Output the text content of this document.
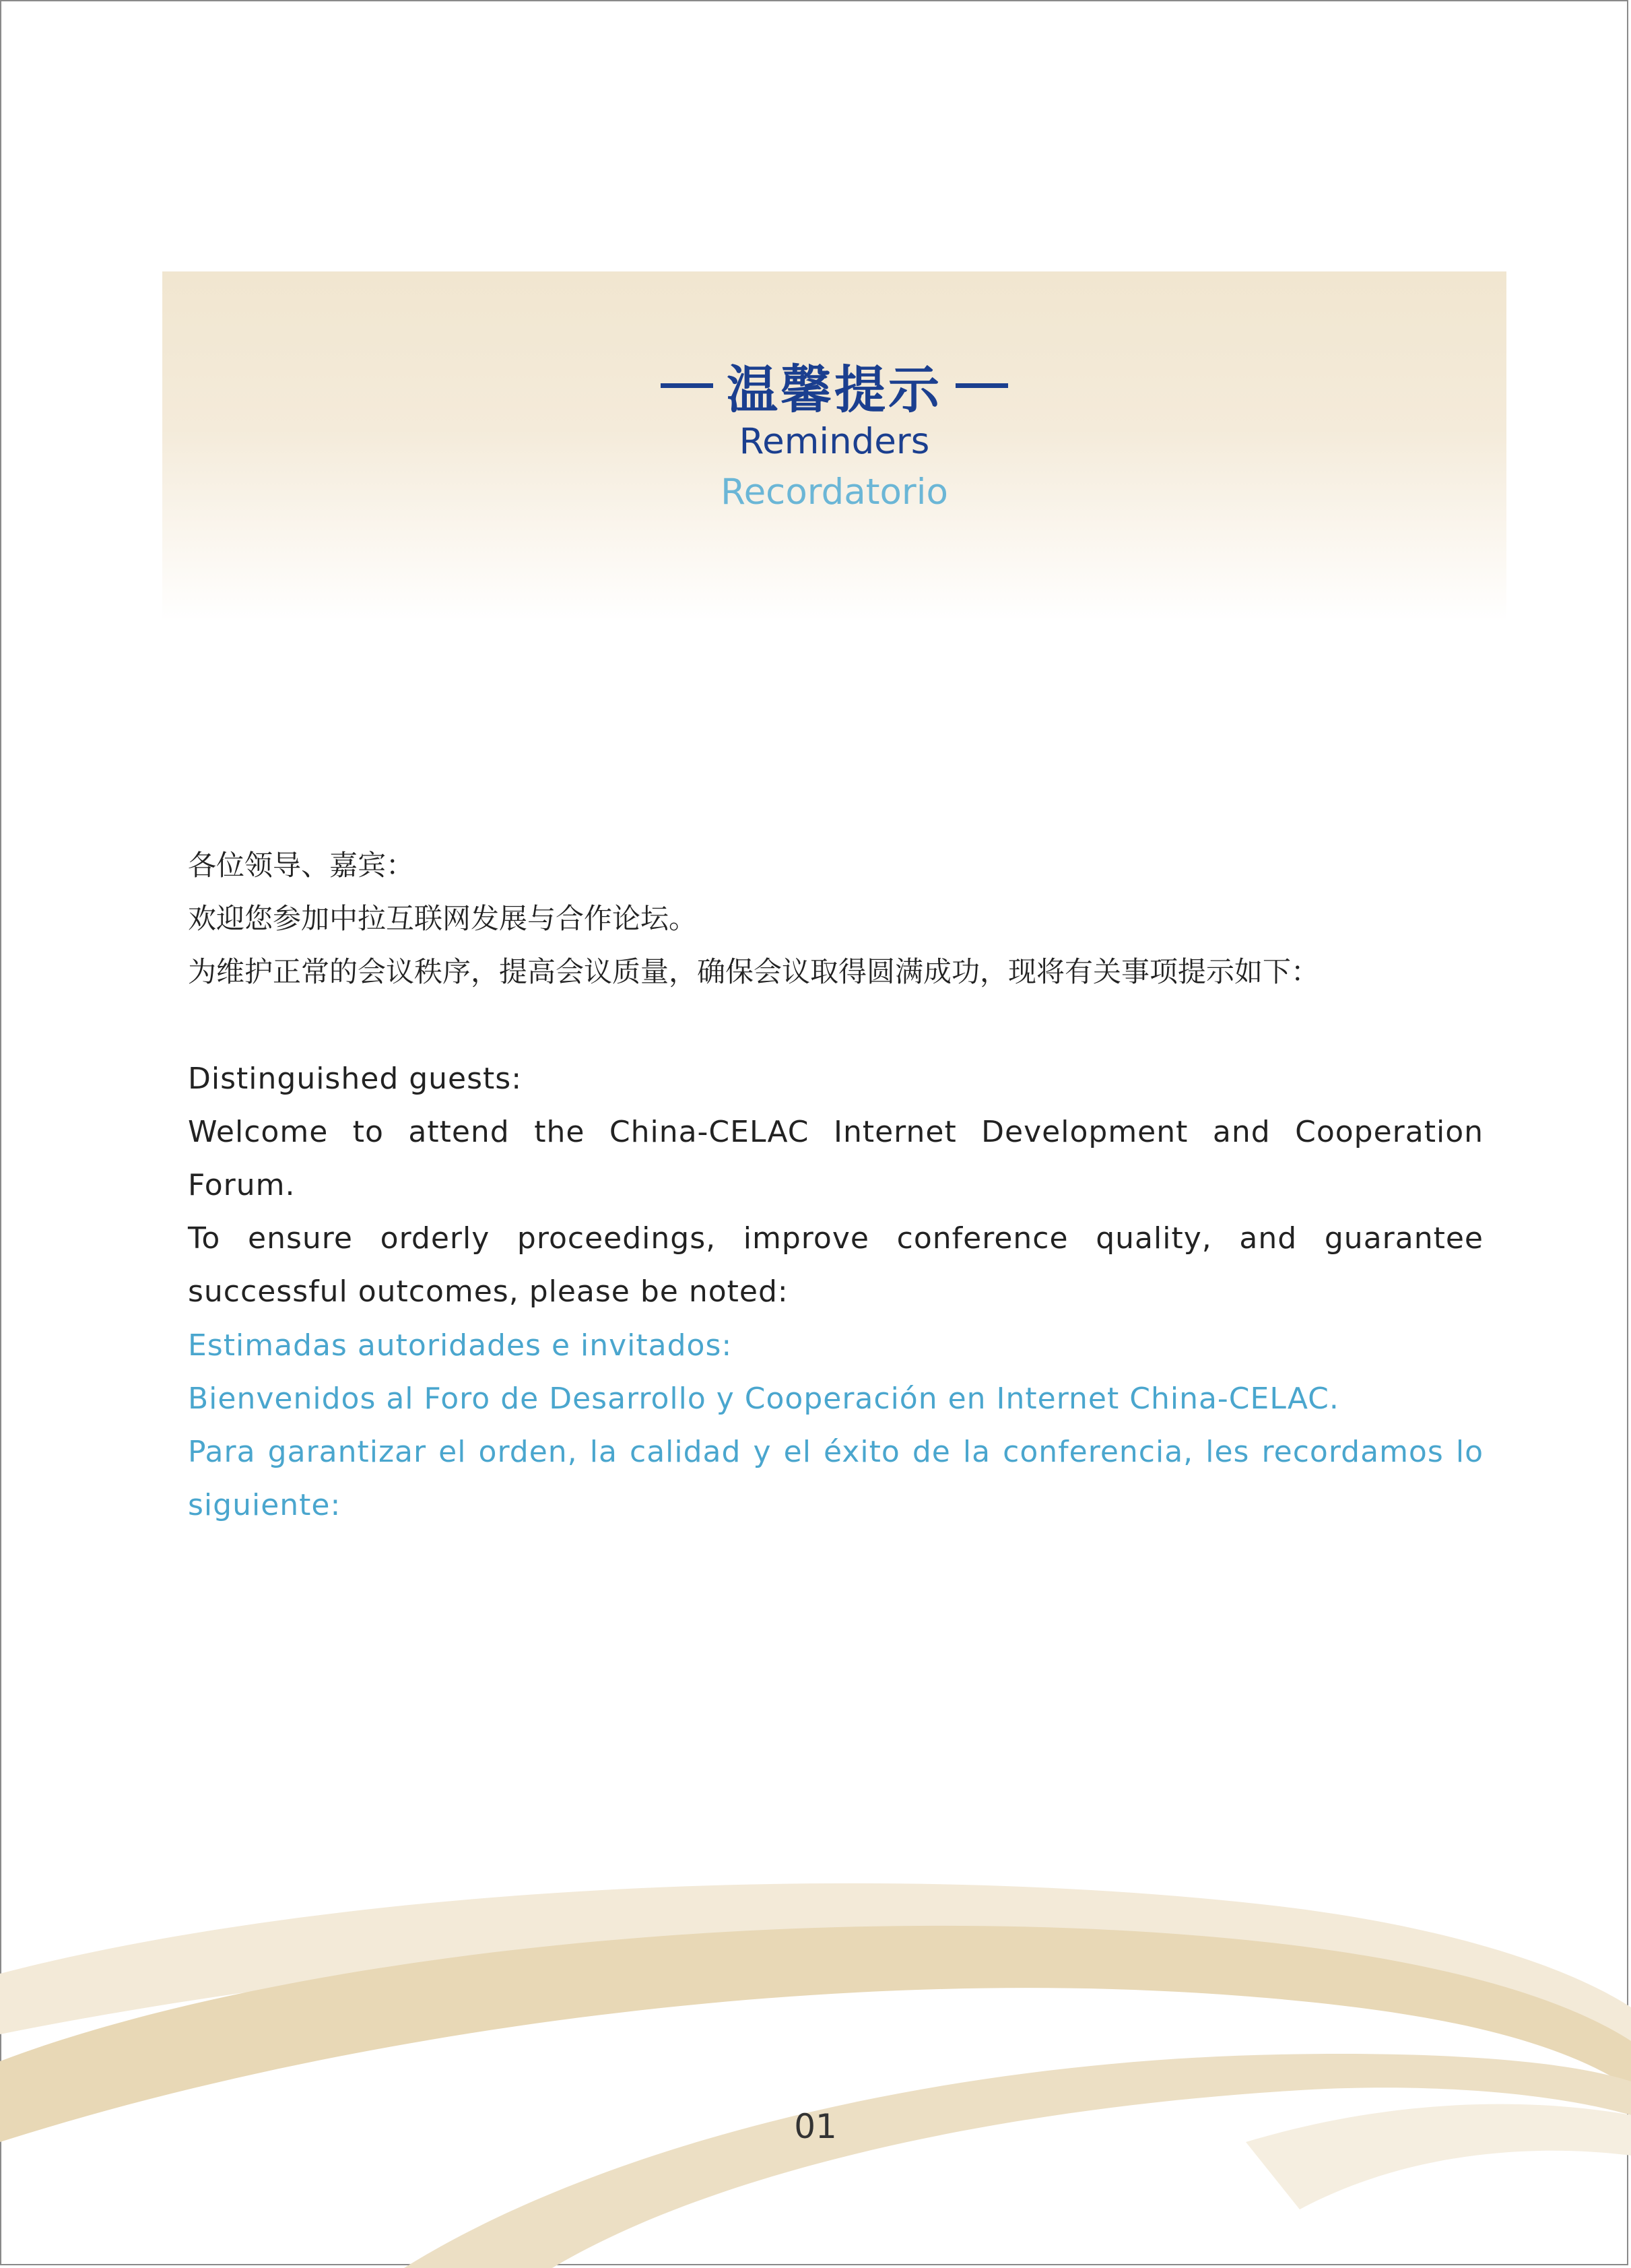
温馨提示
Reminders
Recordatorio

各位领导、嘉宾：

欢迎您参加中拉互联网发展与合作论坛。

为维护正常的会议秩序，提高会议质量，确保会议取得圆满成功，现将有关事项提示如下：

Distinguished guests:

Welcome to attend the China-CELAC Internet Development and Cooperation Forum.

To ensure orderly proceedings, improve conference quality, and guarantee successful outcomes, please be noted:

Estimadas autoridades e invitados:

Bienvenidos al Foro de Desarrollo y Cooperación en Internet China-CELAC.

Para garantizar el orden, la calidad y el éxito de la conferencia, les recordamos lo siguiente:

01
